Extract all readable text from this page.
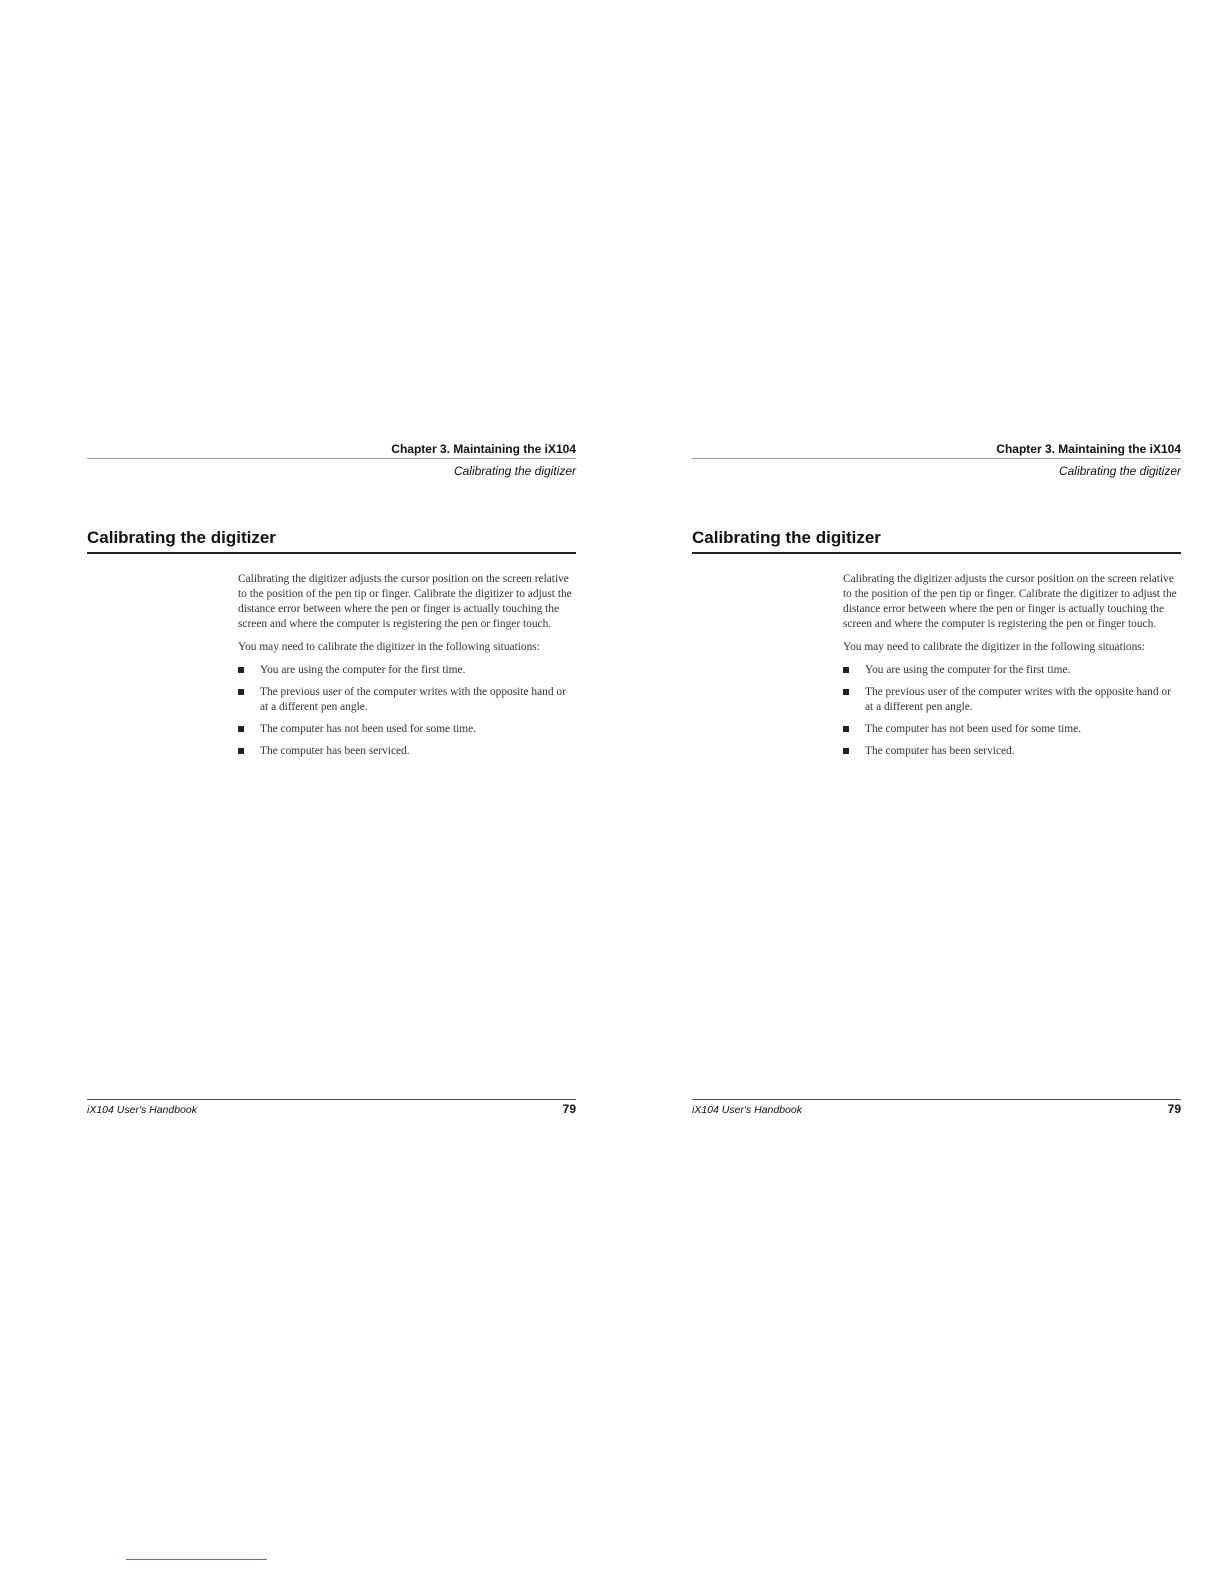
Chapter 3. Maintaining the iX104
Calibrating the digitizer
Calibrating the digitizer

Calibrating the digitizer adjusts the cursor position on the screen relative to the position of the pen tip or finger. Calibrate the digitizer to adjust the distance error between where the pen or finger is actually touching the screen and where the computer is registering the pen or finger touch.

You may need to calibrate the digitizer in the following situations:

You are using the computer for the first time.
The previous user of the computer writes with the opposite hand or at a different pen angle.
The computer has not been used for some time.
The computer has been serviced.
iX104 User's Handbook	79
Chapter 3. Maintaining the iX104
Calibrating the digitizer
Calibrating the digitizer

Calibrating the digitizer adjusts the cursor position on the screen relative to the position of the pen tip or finger. Calibrate the digitizer to adjust the distance error between where the pen or finger is actually touching the screen and where the computer is registering the pen or finger touch.

You may need to calibrate the digitizer in the following situations:

You are using the computer for the first time.
The previous user of the computer writes with the opposite hand or at a different pen angle.
The computer has not been used for some time.
The computer has been serviced.
iX104 User's Handbook	79
